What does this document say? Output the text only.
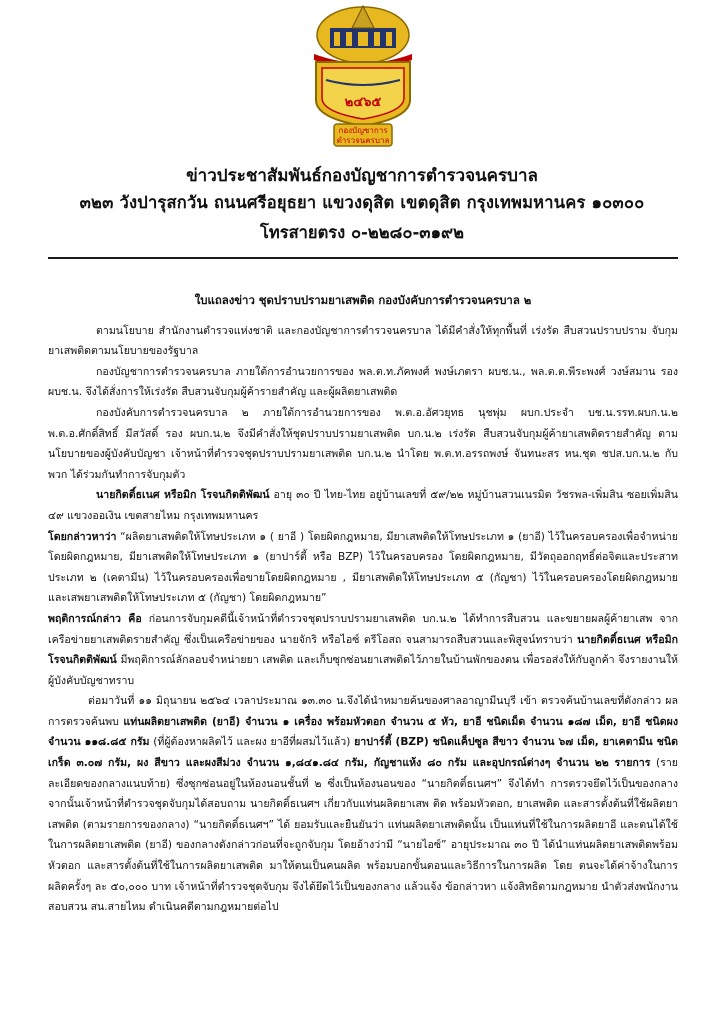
๒๔๖๕
กองบัญชาการ
ตำรวจนครบาล
ข่าวประชาสัมพันธ์กองบัญชาการตำรวจนครบาล
๓๒๓ วังปารุสกวัน ถนนศรีอยุธยา แขวงดุสิต เขตดุสิต กรุงเทพมหานคร ๑๐๓๐๐
โทรสายตรง ๐-๒๒๘๐-๓๑๙๒

ใบแถลงข่าว ชุดปราบปรามยาเสพติด กองบังคับการตำรวจนครบาล ๒

ตามนโยบาย สำนักงานตำรวจแห่งชาติ และกองบัญชาการตำรวจนครบาล ได้มีคำสั่งให้ทุกพื้นที่ เร่งรัด สืบสวนปราบปราม จับกุมยาเสพติดตามนโยบายของรัฐบาล

กองบัญชาการตำรวจนครบาล ภายใต้การอำนวยการของ พล.ต.ท.ภัคพงศ์ พงษ์เภตรา ผบช.น., พล.ต.ต.พีระพงศ์ วงษ์สมาน รอง ผบช.น. จึงได้สั่งการให้เร่งรัด สืบสวนจับกุมผู้ค้ารายสำคัญ และผู้ผลิตยาเสพติด

กองบังคับการตำรวจนครบาล ๒ ภายใต้การอำนวยการของ พ.ต.อ.อัศวยุทธ นุชพุ่ม ผบก.ประจำ บช.น.รรท.ผบก.น.๒ พ.ต.อ.ศักดิ์สิทธิ์ มีสวัสดิ์ รอง ผบก.น.๒ จึงมีคำสั่งให้ชุดปราบปรามยาเสพติด บก.น.๒ เร่งรัด สืบสวนจับกุมผู้ค้ายาเสพติดรายสำคัญ ตามนโยบายของผู้บังคับบัญชา เจ้าหน้าที่ตำรวจชุดปราบปรามยาเสพติด บก.น.๒ นำโดย พ.ต.ท.อรรถพงษ์ จันทนะสร หน.ชุด ชปส.บก.น.๒ กับพวก ได้ร่วมกันทำการจับกุมตัว

นายกิตติ์ธเนศ หรือมิก โรจนกิตติพัฒน์ อายุ ๓๐ ปี ไทย-ไทย อยู่บ้านเลขที่ ๕๙/๒๒ หมู่บ้านสวนเนรมิต วัชรพล-เพิ่มสิน ซอยเพิ่มสิน ๔๙ แขวงออเงิน เขตสายไหม กรุงเทพมหานคร

โดยกล่าวหาว่า “ผลิตยาเสพติดให้โทษประเภท ๑ ( ยาอี ) โดยผิดกฎหมาย, มียาเสพติดให้โทษประเภท ๑ (ยาอี) ไว้ในครอบครองเพื่อจำหน่ายโดยผิดกฎหมาย, มียาเสพติดให้โทษประเภท ๑ (ยาปาร์ตี้ หรือ BZP) ไว้ในครอบครอง โดยผิดกฎหมาย, มีวัตถุออกฤทธิ์ต่อจิตและประสาท ประเภท ๒ (เคตามีน) ไว้ในครอบครองเพื่อขายโดยผิดกฎหมาย , มียาเสพติดให้โทษประเภท ๕ (กัญชา) ไว้ในครอบครองโดยผิดกฎหมาย และเสพยาเสพติดให้โทษประเภท ๕ (กัญชา) โดยผิดกฎหมาย”

พฤติการณ์กล่าว คือ ก่อนการจับกุมคดีนี้เจ้าหน้าที่ตำรวจชุดปราบปรามยาเสพติด บก.น.๒ ได้ทำการสืบสวน และขยายผลผู้ค้ายาเสพ จากเครือข่ายยาเสพติดรายสำคัญ ซึ่งเป็นเครือข่ายของ นายจักริ หรือไอซ์ ตรีโอสถ จนสามารถสืบสวนและพิสูจน์ทราบว่า นายกิตติ์ธเนศ หรือมิก โรจนกิตติพัฒน์ มีพฤติการณ์ลักลอบจำหน่ายยา เสพติด และเก็บซุกซ่อนยาเสพติดไว้ภายในบ้านพักของตน เพื่อรอส่งให้กับลูกค้า จึงรายงานให้ผู้บังคับบัญชาทราบ

ต่อมาวันที่ ๑๑ มิถุนายน ๒๕๖๔ เวลาประมาณ ๑๓.๓๐ น.จึงได้นำหมายค้นของศาลอาญามีนบุรี เข้า ตรวจค้นบ้านเลขที่ดังกล่าว ผลการตรวจค้นพบ แท่นผลิตยาเสพติด (ยาอี) จำนวน ๑ เครื่อง พร้อมหัวตอก จำนวน ๕ หัว, ยาอี ชนิดเม็ด จำนวน ๑๘๗ เม็ด, ยาอี ชนิดผง จำนวน ๑๑๘.๘๕ กรัม (ที่ผู้ต้องหาผลิตไว้ และผง ยาอีที่ผสมไว้แล้ว) ยาปาร์ตี้ (BZP) ชนิดแค็ปซูล สีขาว จำนวน ๖๗ เม็ด, ยาเคตามีน ชนิดเกร็ด ๓.๐๗ กรัม, ผง สีขาว และผงสีม่วง จำนวน ๑,๘๔๑.๘๔ กรัม, กัญชาแห้ง ๘๐ กรัม และอุปกรณ์ต่างๆ จำนวน ๒๒ รายการ (รายละเอียดของกลางแนบท้าย) ซึ่งซุกซ่อนอยู่ในห้องนอนชั้นที่ ๒ ซึ่งเป็นห้องนอนของ “นายกิตติ์ธเนศฯ” จึงได้ทำ การตรวจยึดไว้เป็นของกลาง จากนั้นเจ้าหน้าที่ตำรวจชุดจับกุมได้สอบถาม นายกิตติ์ธเนศฯ เกี่ยวกับแท่นผลิตยาเสพ ติด พร้อมหัวตอก, ยาเสพติด และสารตั้งต้นที่ใช้ผลิตยาเสพติด (ตามรายการของกลาง) “นายกิตติ์ธเนศฯ” ได้ ยอมรับและยืนยันว่า แท่นผลิตยาเสพติดนั้น เป็นแท่นที่ใช้ในการผลิตยาอี และตนได้ใช้ในการผลิตยาเสพติด (ยาอี) ของกลางดังกล่าวก่อนที่จะถูกจับกุม โดยอ้างว่ามี “นายไอซ์” อายุประมาณ ๓๐ ปี ได้นำแท่นผลิตยาเสพติดพร้อม หัวตอก และสารตั้งต้นที่ใช้ในการผลิตยาเสพติด มาให้ตนเป็นคนผลิต พร้อมบอกขั้นตอนและวิธีการในการผลิต โดย ตนจะได้ค่าจ้างในการผลิตครั้งๆ ละ ๕๐,๐๐๐ บาท เจ้าหน้าที่ตำรวจชุดจับกุม จึงได้ยึดไว้เป็นของกลาง แล้วแจ้ง ข้อกล่าวหา แจ้งสิทธิตามกฎหมาย นำตัวส่งพนักงานสอบสวน สน.สายไหม ดำเนินคดีตามกฎหมายต่อไป
